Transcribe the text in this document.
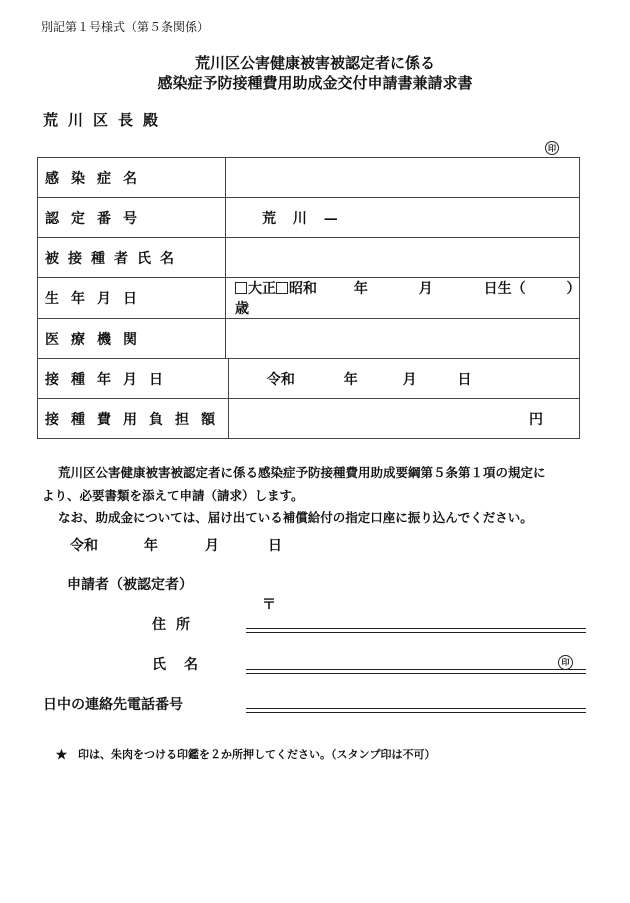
別記第１号様式（第５条関係）
荒川区公害健康被害被認定者に係る
感染症予防接種費用助成金交付申請書兼請求書
荒川区長殿
印
感染症名		
認定番号	荒 川 —	
被接種者氏名		
生年月日	大正 昭和 年 月 日生（ ）歳	
医療機関		
接種年月日		令和 年 月 日
接種費用負担額		円
荒川区公害健康被害被認定者に係る感染症予防接種費用助成要綱第５条第１項の規定に
より、必要書類を添えて申請（請求）します。
なお、助成金については、届け出ている補償給付の指定口座に振り込んでください。
令和	年	月	日
申請者（被認定者）
〒
住所
氏名	印
日中の連絡先電話番号
★　印は、朱肉をつける印鑑を２か所押してください。（スタンプ印は不可）
